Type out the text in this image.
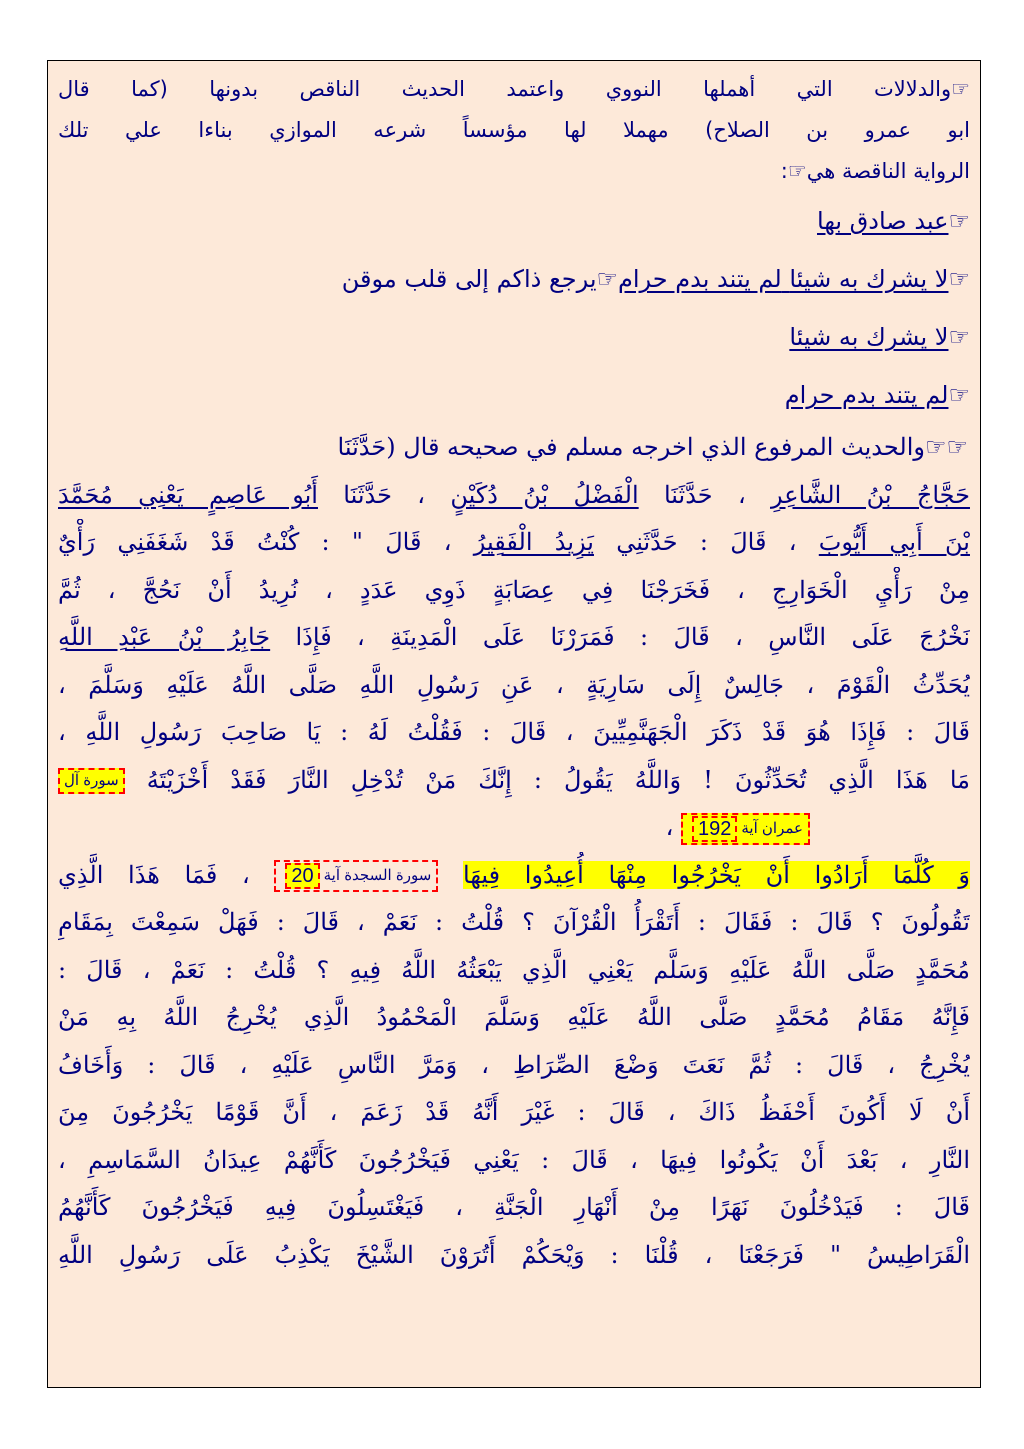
☞والدلالات التي أهملها النووي واعتمد الحديث الناقص بدونها (كما قال
ابو عمرو بن الصلاح) مهملا لها مؤسساً شرعه الموازي بناءا علي تلك
الرواية الناقصة هي☞:
☞عبد صادق بها
☞لا يشرك به شيئا لم يتند بدم حرام☞يرجع ذاكم إلى قلب موقن
☞لا يشرك به شيئا
☞لم يتند بدم حرام
☞☞والحديث المرفوع الذي اخرجه مسلم في صحيحه قال (حَدَّثَنَا
حَجَّاجُ بْنُ الشَّاعِرِ ، حَدَّثَنَا الْفَضْلُ بْنُ دُكَيْنٍ ، حَدَّثَنَا أَبُو عَاصِمٍ يَعْنِي مُحَمَّدَ
بْنَ أَبِي أَيُّوبَ ، قَالَ : حَدَّثَنِي يَزِيدُ الْفَقِيرُ ، قَالَ " : كُنْتُ قَدْ شَغَفَنِي رَأْيٌ
مِنْ رَأْيِ الْخَوَارِجِ ، فَخَرَجْنَا فِي عِصَابَةٍ ذَوِي عَدَدٍ ، نُرِيدُ أَنْ نَحُجَّ ، ثُمَّ
نَخْرُجَ عَلَى النَّاسِ ، قَالَ : فَمَرَرْنَا عَلَى الْمَدِينَةِ ، فَإِذَا جَابِرُ بْنُ عَبْدِ اللَّهِ
يُحَدِّثُ الْقَوْمَ ، جَالِسٌ إِلَى سَارِيَةٍ ، عَنِ رَسُولِ اللَّهِ صَلَّى اللَّهُ عَلَيْهِ وَسَلَّمَ ،
قَالَ : فَإِذَا هُوَ قَدْ ذَكَرَ الْجَهَنَّمِيِّينَ ، قَالَ : فَقُلْتُ لَهُ : يَا صَاحِبَ رَسُولِ اللَّهِ ،
مَا هَذَا الَّذِي تُحَدِّثُونَ ! وَاللَّهُ يَقُولُ : إِنَّكَ مَنْ تُدْخِلِ النَّارَ فَقَدْ أَخْزَيْتَهُ سورة آل
عمران آية192 ،
وَ كُلَّمَا أَرَادُوا أَنْ يَخْرُجُوا مِنْهَا أُعِيدُوا فِيهَا سورة السجدة آية20 ، فَمَا هَذَا الَّذِي
تَقُولُونَ ؟ قَالَ : فَقَالَ : أَتَقْرَأُ الْقُرْآنَ ؟ قُلْتُ : نَعَمْ ، قَالَ : فَهَلْ سَمِعْتَ بِمَقَامِ
مُحَمَّدٍ صَلَّى اللَّهُ عَلَيْهِ وَسَلَّم يَعْنِي الَّذِي يَبْعَثُهُ اللَّهُ فِيهِ ؟ قُلْتُ : نَعَمْ ، قَالَ :
فَإِنَّهُ مَقَامُ مُحَمَّدٍ صَلَّى اللَّهُ عَلَيْهِ وَسَلَّمَ الْمَحْمُودُ الَّذِي يُخْرِجُ اللَّهُ بِهِ مَنْ
يُخْرِجُ ، قَالَ : ثُمَّ نَعَتَ وَضْعَ الصِّرَاطِ ، وَمَرَّ النَّاسِ عَلَيْهِ ، قَالَ : وَأَخَافُ
أَنْ لَا أَكُونَ أَحْفَظُ ذَاكَ ، قَالَ : غَيْرَ أَنَّهُ قَدْ زَعَمَ ، أَنَّ قَوْمًا يَخْرُجُونَ مِنَ
النَّارِ ، بَعْدَ أَنْ يَكُونُوا فِيهَا ، قَالَ : يَعْنِي فَيَخْرُجُونَ كَأَنَّهُمْ عِيدَانُ السَّمَاسِمِ ،
قَالَ : فَيَدْخُلُونَ نَهَرًا مِنْ أَنْهَارِ الْجَنَّةِ ، فَيَغْتَسِلُونَ فِيهِ فَيَخْرُجُونَ كَأَنَّهُمُ
الْقَرَاطِيسُ " فَرَجَعْنَا ، قُلْنَا : وَيْحَكُمْ أَتُرَوْنَ الشَّيْخَ يَكْذِبُ عَلَى رَسُولِ اللَّهِ
